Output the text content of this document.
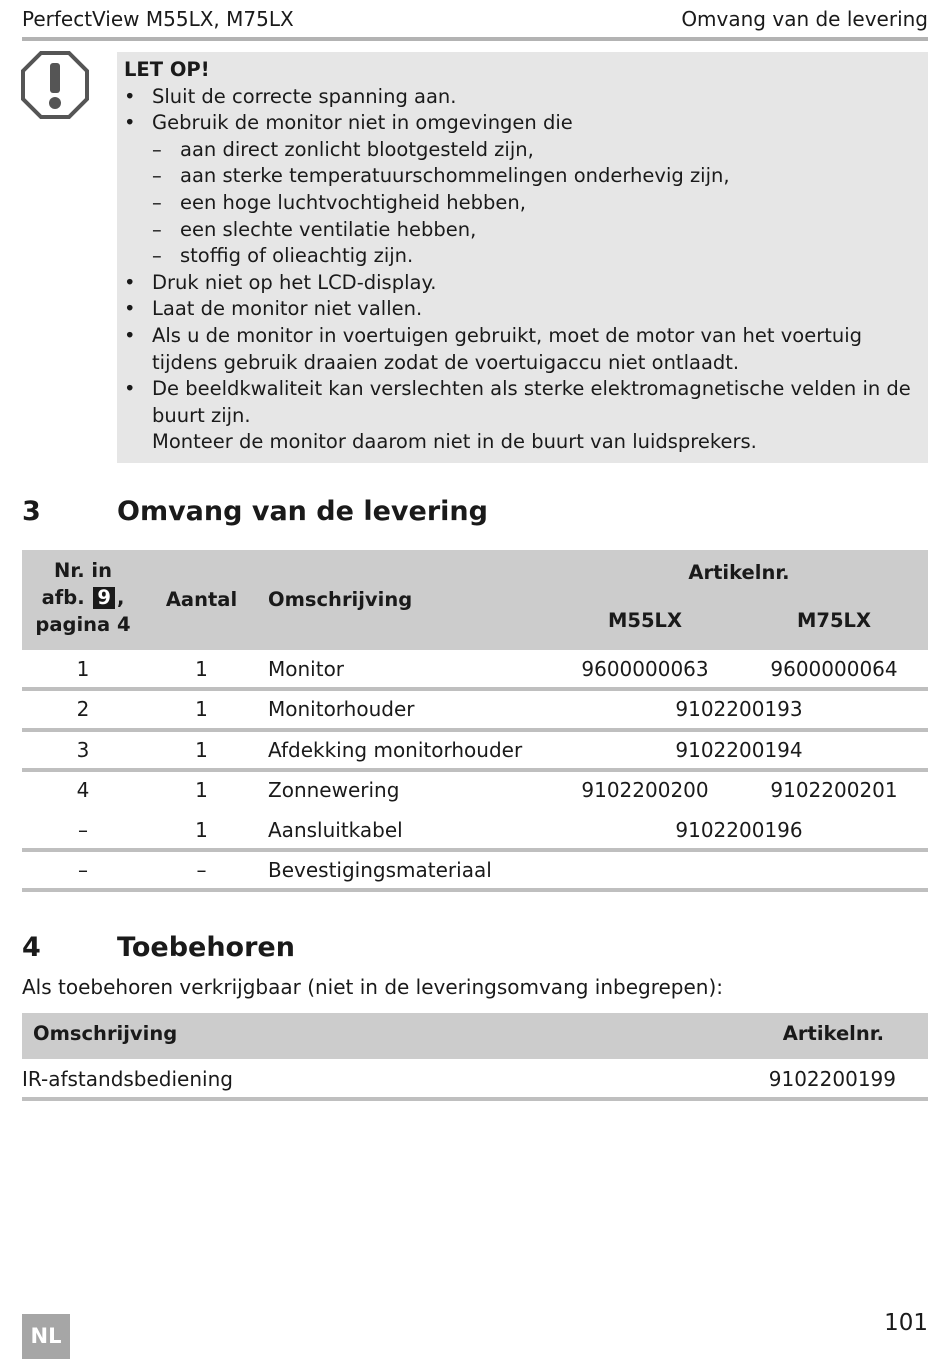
PerfectView M55LX, M75LX	Omvang van de levering
LET OP!
• Sluit de correcte spanning aan.
• Gebruik de monitor niet in omgevingen die
– aan direct zonlicht blootgesteld zijn,
– aan sterke temperatuurschommelingen onderhevig zijn,
– een hoge luchtvochtigheid hebben,
– een slechte ventilatie hebben,
– stoffig of olieachtig zijn.
• Druk niet op het LCD-display.
• Laat de monitor niet vallen.
• Als u de monitor in voertuigen gebruikt, moet de motor van het voertuig tijdens gebruik draaien zodat de voertuigaccu niet ontlaadt.
• De beeldkwaliteit kan verslechten als sterke elektromagnetische velden in de buurt zijn.
Monteer de monitor daarom niet in de buurt van luidsprekers.
3	Omvang van de levering
Nr. in
afb. 9 ,
pagina 4
Aantal	Omschrijving
Artikelnr.
M55LX	M75LX
1	1	Monitor	9600000063	9600000064
2	1	Monitorhouder	9102200193
3	1	Afdekking monitorhouder	9102200194
4	1	Zonnewering	9102200200	9102200201
–	1	Aansluitkabel	9102200196
–	–	Bevestigingsmateriaal
4	Toebehoren
Als toebehoren verkrijgbaar (niet in de leveringsomvang inbegrepen):
Omschrijving	Artikelnr.
IR-afstandsbediening	9102200199
NL	101
